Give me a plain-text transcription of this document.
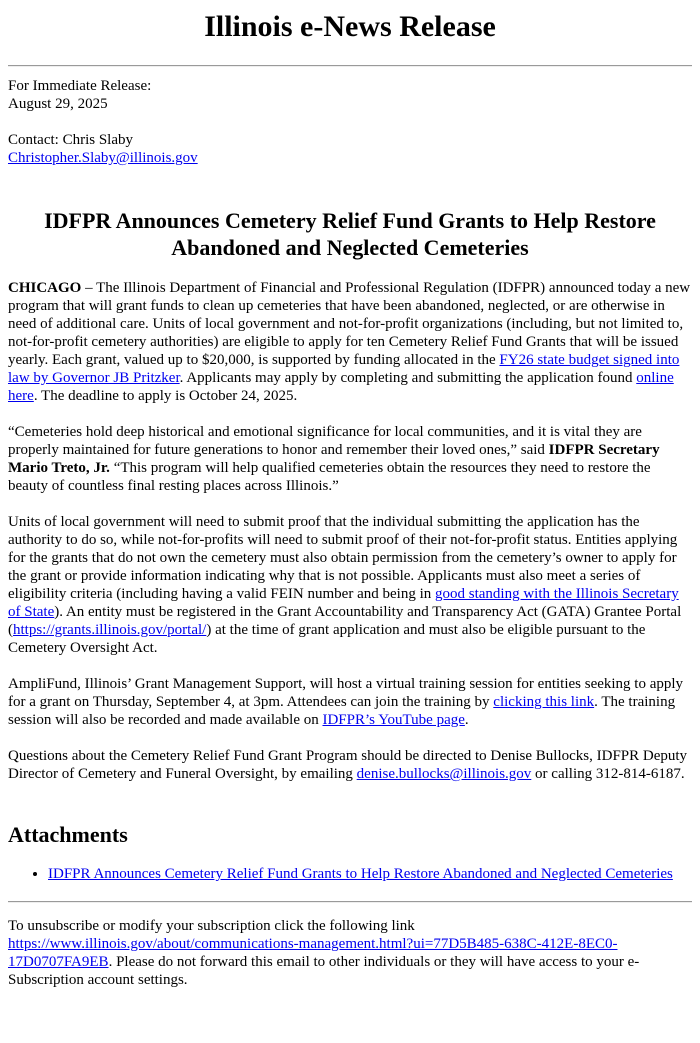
Illinois e-News Release

For Immediate Release:

August 29, 2025

Contact: Chris Slaby

Christopher.Slaby@illinois.gov

IDFPR Announces Cemetery Relief Fund Grants to Help Restore Abandoned and Neglected Cemeteries

CHICAGO – The Illinois Department of Financial and Professional Regulation (IDFPR) announced today a new program that will grant funds to clean up cemeteries that have been abandoned, neglected, or are otherwise in need of additional care. Units of local government and not-for-profit organizations (including, but not limited to, not-for-profit cemetery authorities) are eligible to apply for ten Cemetery Relief Fund Grants that will be issued yearly. Each grant, valued up to $20,000, is supported by funding allocated in the FY26 state budget signed into law by Governor JB Pritzker. Applicants may apply by completing and submitting the application found online here. The deadline to apply is October 24, 2025.

“Cemeteries hold deep historical and emotional significance for local communities, and it is vital they are properly maintained for future generations to honor and remember their loved ones,” said IDFPR Secretary Mario Treto, Jr. “This program will help qualified cemeteries obtain the resources they need to restore the beauty of countless final resting places across Illinois.”

Units of local government will need to submit proof that the individual submitting the application has the authority to do so, while not-for-profits will need to submit proof of their not-for-profit status. Entities applying for the grants that do not own the cemetery must also obtain permission from the cemetery’s owner to apply for the grant or provide information indicating why that is not possible. Applicants must also meet a series of eligibility criteria (including having a valid FEIN number and being in good standing with the Illinois Secretary of State). An entity must be registered in the Grant Accountability and Transparency Act (GATA) Grantee Portal (https://grants.illinois.gov/portal/) at the time of grant application and must also be eligible pursuant to the Cemetery Oversight Act.

AmpliFund, Illinois’ Grant Management Support, will host a virtual training session for entities seeking to apply for a grant on Thursday, September 4, at 3pm. Attendees can join the training by clicking this link. The training session will also be recorded and made available on IDFPR’s YouTube page.

Questions about the Cemetery Relief Fund Grant Program should be directed to Denise Bullocks, IDFPR Deputy Director of Cemetery and Funeral Oversight, by emailing denise.bullocks@illinois.gov or calling 312-814-6187.

Attachments
• IDFPR Announces Cemetery Relief Fund Grants to Help Restore Abandoned and Neglected Cemeteries

To unsubscribe or modify your subscription click the following link

https://www.illinois.gov/about/communications-management.html?ui=77D5B485-638C-412E-8EC0-17D0707FA9EB. Please do not forward this email to other individuals or they will have access to your e-Subscription account settings.
